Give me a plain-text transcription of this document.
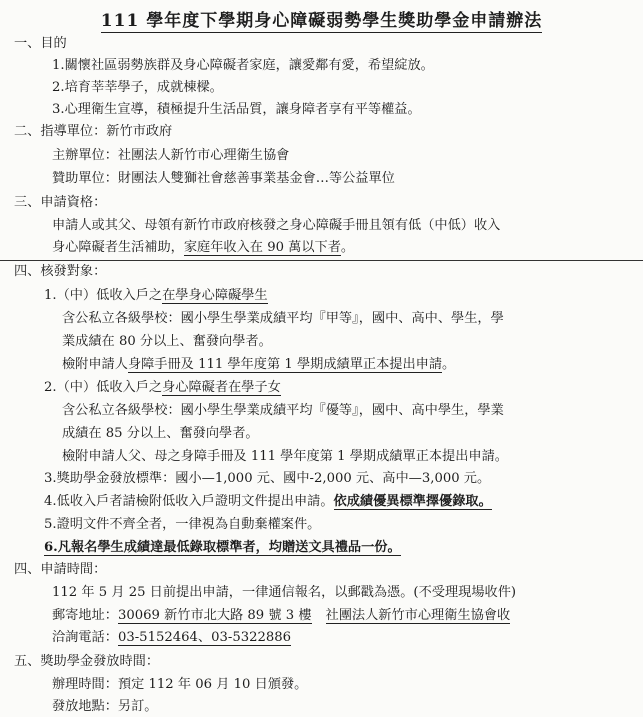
111 學年度下學期身心障礙弱勢學生獎助學金申請辦法
一、目的
1.關懷社區弱勢族群及身心障礙者家庭，讓愛鄰有愛，希望綻放。
2.培育莘莘學子，成就棟樑。
3.心理衛生宣導，積極提升生活品質，讓身障者享有平等權益。
二、指導單位：新竹市政府
主辦單位：社團法人新竹市心理衛生協會
贊助單位：財團法人雙獅社會慈善事業基金會…等公益單位
三、申請資格：
申請人或其父、母領有新竹市政府核發之身心障礙手冊且領有低（中低）收入
身心障礙者生活補助，家庭年收入在 90 萬以下者。
四、核發對象：
1.（中）低收入戶之在學身心障礙學生
含公私立各級學校：國小學生學業成績平均『甲等』，國中、高中、學生，學
業成績在 80 分以上、奮發向學者。
檢附申請人身障手冊及 111 學年度第 1 學期成績單正本提出申請。
2.（中）低收入戶之身心障礙者在學子女
含公私立各級學校：國小學生學業成績平均『優等』，國中、高中學生，學業
成績在 85 分以上、奮發向學者。
檢附申請人父、母之身障手冊及 111 學年度第 1 學期成績單正本提出申請。
3.獎助學金發放標準：國小—1,000 元、國中-2,000 元、高中—3,000 元。
4.低收入戶者請檢附低收入戶證明文件提出申請。依成績優異標準擇優錄取。
5.證明文件不齊全者，一律視為自動棄權案件。
6.凡報名學生成績達最低錄取標準者，均贈送文具禮品一份。
四、申請時間：
112 年 5 月 25 日前提出申請，一律通信報名，以郵戳為憑。(不受理現場收件)
郵寄地址：30069 新竹市北大路 89 號 3 樓 社團法人新竹市心理衛生協會收
洽詢電話：03-5152464、03-5322886
五、獎助學金發放時間：
辦理時間：預定 112 年 06 月 10 日頒發。
發放地點：另訂。
